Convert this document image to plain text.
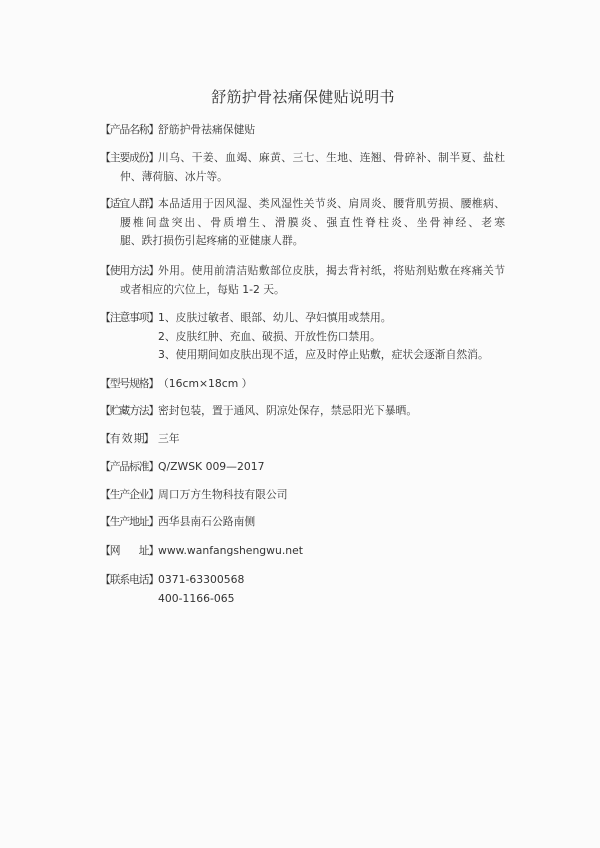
舒筋护骨祛痛保健贴说明书
【产品名称】舒筋护骨祛痛保健贴
【主要成份】川乌、干姜、血竭、麻黄、三七、生地、连翘、骨碎补、制半夏、盐杜
仲、薄荷脑、冰片等。
【适宜人群】本品适用于因风湿、类风湿性关节炎、肩周炎、腰背肌劳损、腰椎病、
腰椎间盘突出、骨质增生、滑膜炎、强直性脊柱炎、坐骨神经、老寒
腿、跌打损伤引起疼痛的亚健康人群。
【使用方法】外用。使用前清洁贴敷部位皮肤，揭去背衬纸，将贴剂贴敷在疼痛关节
或者相应的穴位上，每贴 1-2 天。
【注意事项】1、皮肤过敏者、眼部、幼儿、孕妇慎用或禁用。
2、皮肤红肿、充血、破损、开放性伤口禁用。
3、使用期间如皮肤出现不适，应及时停止贴敷，症状会逐渐自然消。
【型号规格】（16cm×18cm ）
【贮藏方法】密封包装，置于通风、阴凉处保存，禁忌阳光下暴晒。
【有 效 期】 三年
【产品标准】Q/ZWSK 009—2017
【生产企业】周口万方生物科技有限公司
【生产地址】西华县南石公路南侧
【网　　址】www.wanfangshengwu.net
【联系电话】0371-63300568
400-1166-065
